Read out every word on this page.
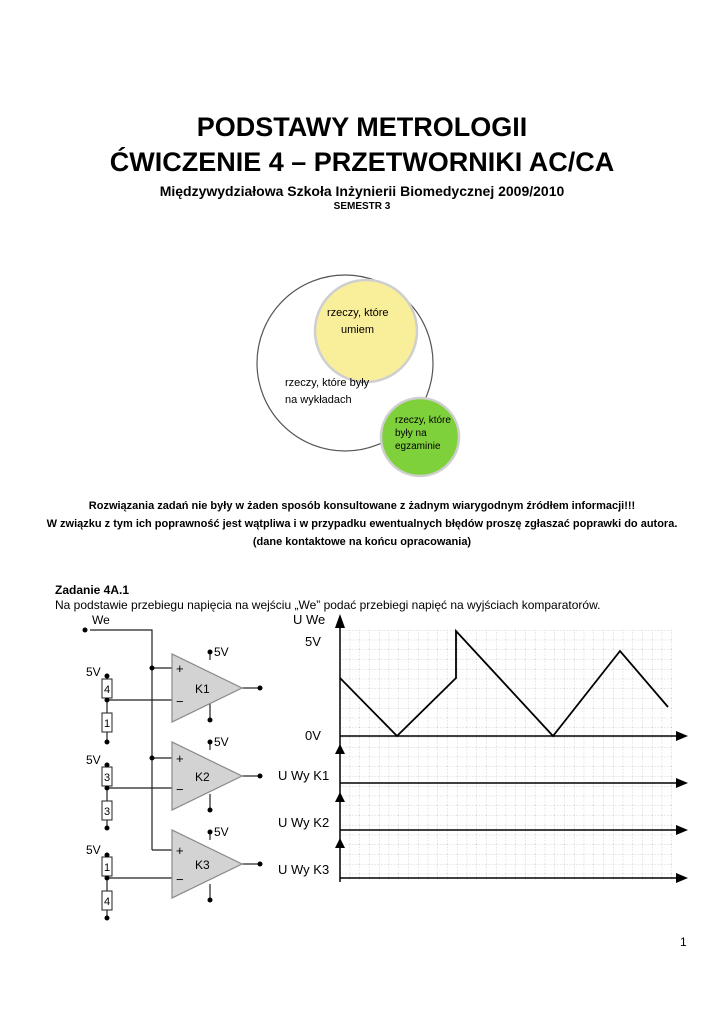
PODSTAWY METROLOGII
ĆWICZENIE 4 – PRZETWORNIKI AC/CA
Międzywydziałowa Szkoła Inżynierii Biomedycznej 2009/2010
SEMESTR 3
rzeczy, które
umiem
rzeczy, które były
na wykładach
rzeczy, które
były na
egzaminie
Rozwiązania zadań nie były w żaden sposób konsultowane z żadnym wiarygodnym źródłem informacji!!!
W związku z tym ich poprawność jest wątpliwa i w przypadku ewentualnych błędów proszę zgłaszać poprawki do autora.
(dane kontaktowe na końcu opracowania)
Zadanie 4A.1
Na podstawie przebiegu napięcia na wejściu „We” podać przebiegi napięć na wyjściach komparatorów.
We
5V
5V
4
1
+
−
K1
5V
5V
3
3
+
−
K2
5V
5V
1
4
+
−
K3
U We
5V
0V
U Wy K1
U Wy K2
U Wy K3
1
